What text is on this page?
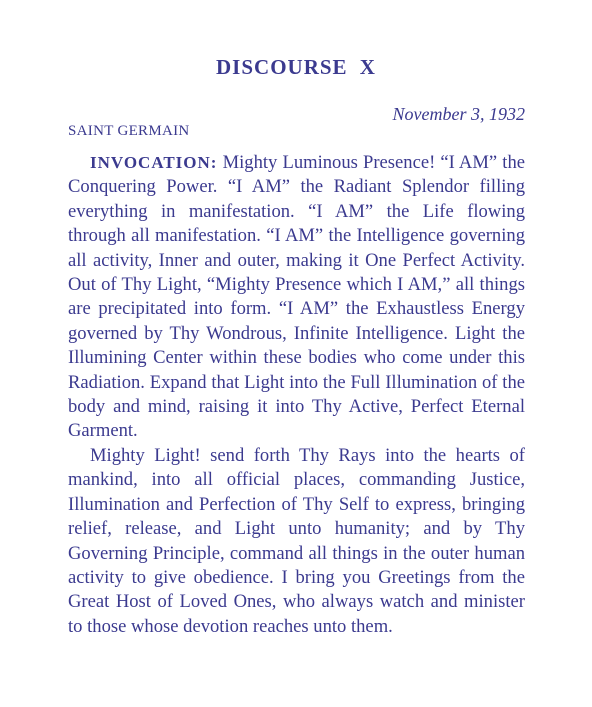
DISCOURSE X
November 3, 1932
SAINT GERMAIN

INVOCATION: Mighty Luminous Presence! “I AM” the Conquering Power. “I AM” the Radiant Splendor filling everything in manifestation. “I AM” the Life flowing through all manifestation. “I AM” the Intelligence governing all activity, Inner and outer, making it One Perfect Activity. Out of Thy Light, “Mighty Presence which I AM,” all things are precipitated into form. “I AM” the Exhaustless Energy governed by Thy Wondrous, Infinite Intelligence. Light the Illumining Center within these bodies who come under this Radiation. Expand that Light into the Full Illumination of the body and mind, raising it into Thy Active, Perfect Eternal Garment.

Mighty Light! send forth Thy Rays into the hearts of mankind, into all official places, commanding Justice, Illumination and Perfection of Thy Self to express, bringing relief, release, and Light unto humanity; and by Thy Governing Principle, command all things in the outer human activity to give obedience. I bring you Greetings from the Great Host of Loved Ones, who always watch and minister to those whose devotion reaches unto them.
